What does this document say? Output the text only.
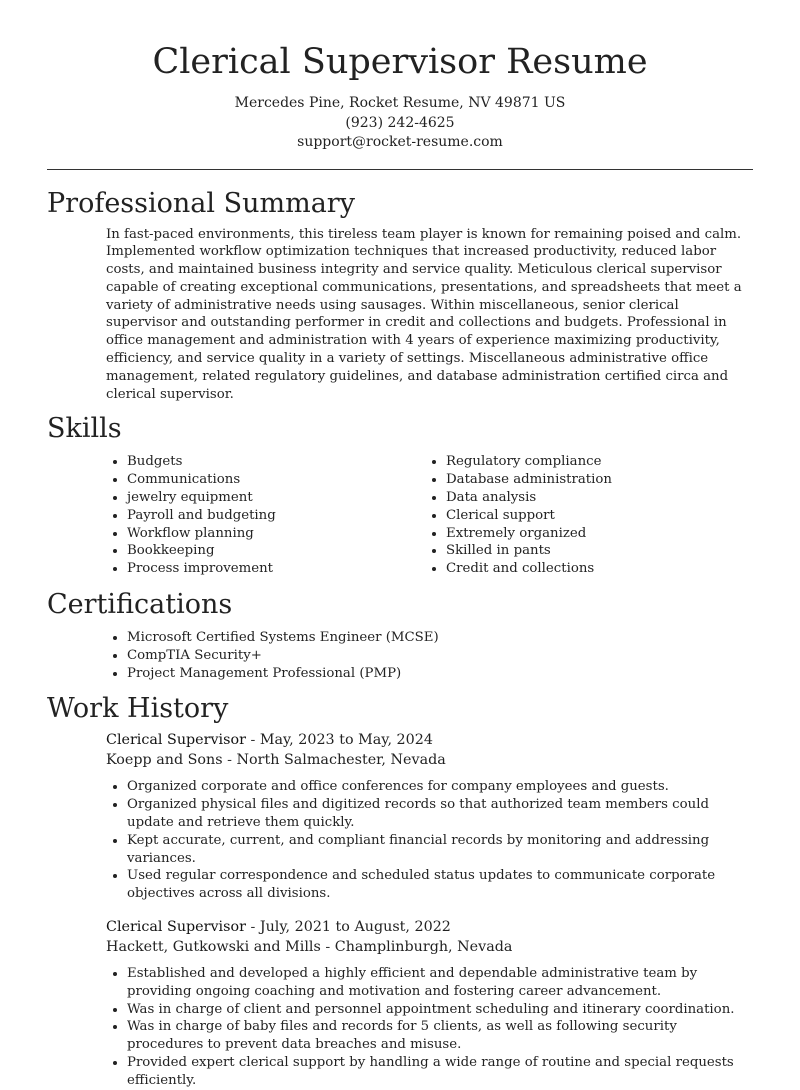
Clerical Supervisor Resume
Mercedes Pine, Rocket Resume, NV 49871 US
(923) 242-4625
support@rocket-resume.com
Professional Summary

In fast-paced environments, this tireless team player is known for remaining poised and calm. Implemented workflow optimization techniques that increased productivity, reduced labor costs, and maintained business integrity and service quality. Meticulous clerical supervisor capable of creating exceptional communications, presentations, and spreadsheets that meet a variety of administrative needs using sausages. Within miscellaneous, senior clerical supervisor and outstanding performer in credit and collections and budgets. Professional in office management and administration with 4 years of experience maximizing productivity, efficiency, and service quality in a variety of settings. Miscellaneous administrative office management, related regulatory guidelines, and database administration certified circa and clerical supervisor.

Skills
• Budgets
• Communications
• jewelry equipment
• Payroll and budgeting
• Workflow planning
• Bookkeeping
• Process improvement
• Regulatory compliance
• Database administration
• Data analysis
• Clerical support
• Extremely organized
• Skilled in pants
• Credit and collections
Certifications
• Microsoft Certified Systems Engineer (MCSE)
• CompTIA Security+
• Project Management Professional (PMP)
Work History
Clerical Supervisor - May, 2023 to May, 2024
Koepp and Sons - North Salmachester, Nevada
• Organized corporate and office conferences for company employees and guests.
• Organized physical files and digitized records so that authorized team members could update and retrieve them quickly.
• Kept accurate, current, and compliant financial records by monitoring and addressing variances.
• Used regular correspondence and scheduled status updates to communicate corporate objectives across all divisions.
Clerical Supervisor - July, 2021 to August, 2022
Hackett, Gutkowski and Mills - Champlinburgh, Nevada
• Established and developed a highly efficient and dependable administrative team by providing ongoing coaching and motivation and fostering career advancement.
• Was in charge of client and personnel appointment scheduling and itinerary coordination.
• Was in charge of baby files and records for 5 clients, as well as following security procedures to prevent data breaches and misuse.
• Provided expert clerical support by handling a wide range of routine and special requests efficiently.
